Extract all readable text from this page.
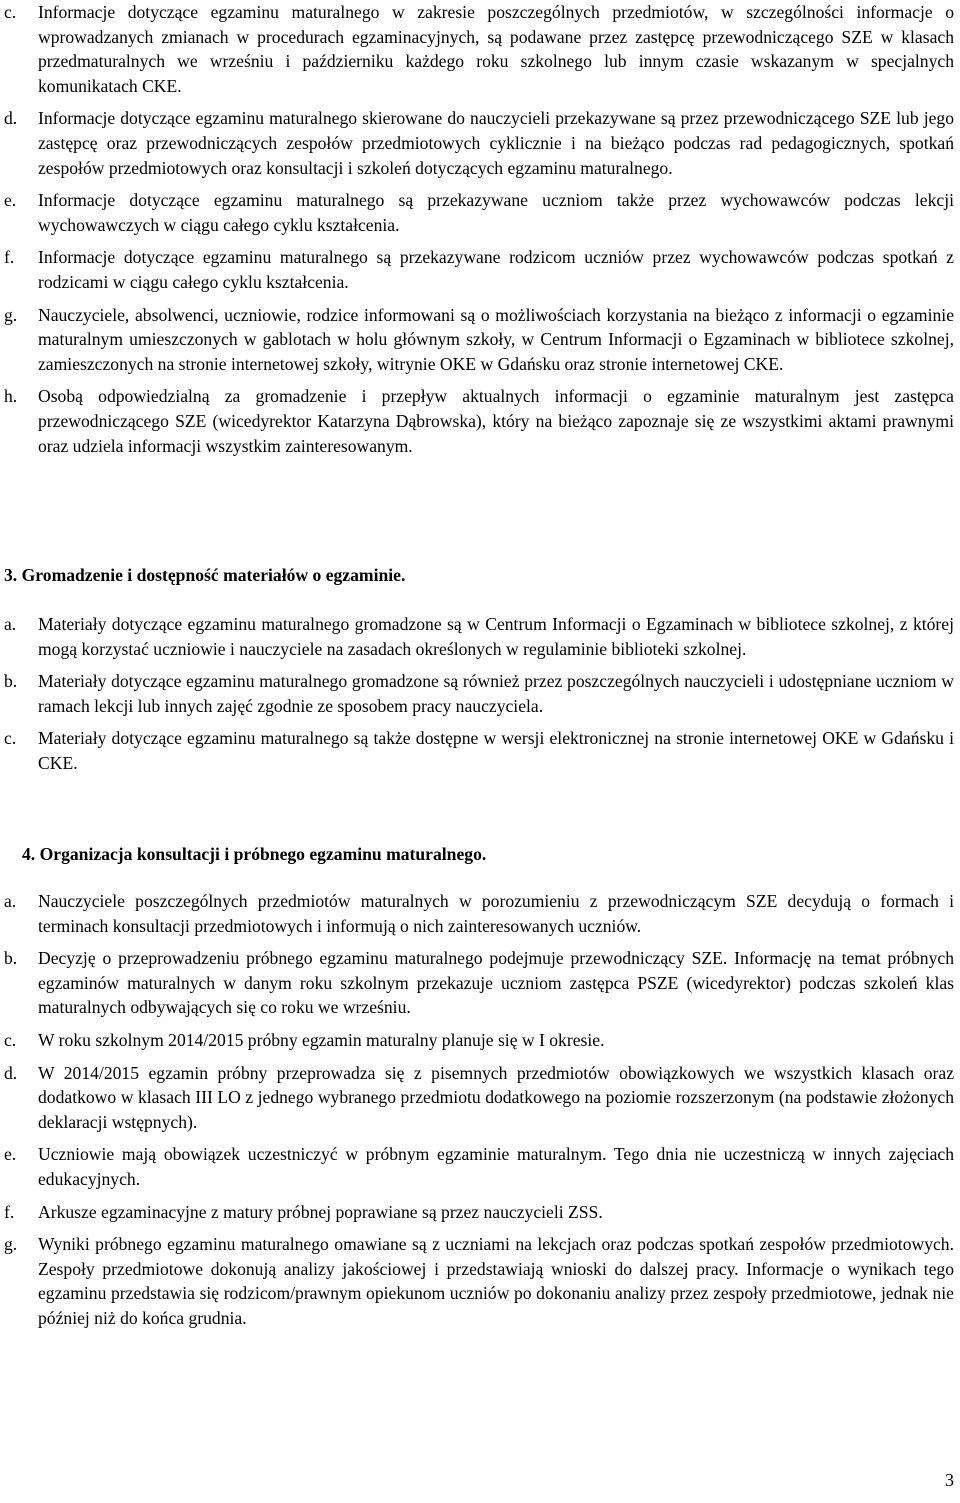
c. Informacje dotyczące egzaminu maturalnego w zakresie poszczególnych przedmiotów, w szczególności informacje o wprowadzanych zmianach w procedurach egzaminacyjnych, są podawane przez zastępcę przewodniczącego SZE w klasach przedmaturalnych we wrześniu i październiku każdego roku szkolnego lub innym czasie wskazanym w specjalnych komunikatach CKE.
d. Informacje dotyczące egzaminu maturalnego skierowane do nauczycieli przekazywane są przez przewodniczącego SZE lub jego zastępcę oraz przewodniczących zespołów przedmiotowych cyklicznie i na bieżąco podczas rad pedagogicznych, spotkań zespołów przedmiotowych oraz konsultacji i szkoleń dotyczących egzaminu maturalnego.
e. Informacje dotyczące egzaminu maturalnego są przekazywane uczniom także przez wychowawców podczas lekcji wychowawczych w ciągu całego cyklu kształcenia.
f. Informacje dotyczące egzaminu maturalnego są przekazywane rodzicom uczniów przez wychowawców podczas spotkań z rodzicami w ciągu całego cyklu kształcenia.
g. Nauczyciele, absolwenci, uczniowie, rodzice informowani są o możliwościach korzystania na bieżąco z informacji o egzaminie maturalnym umieszczonych w gablotach w holu głównym szkoły, w Centrum Informacji o Egzaminach w bibliotece szkolnej, zamieszczonych na stronie internetowej szkoły, witrynie OKE w Gdańsku oraz stronie internetowej CKE.
h. Osobą odpowiedzialną za gromadzenie i przepływ aktualnych informacji o egzaminie maturalnym jest zastępca przewodniczącego SZE (wicedyrektor Katarzyna Dąbrowska), który na bieżąco zapoznaje się ze wszystkimi aktami prawnymi oraz udziela informacji wszystkim zainteresowanym.
3. Gromadzenie i dostępność materiałów o egzaminie.
a. Materiały dotyczące egzaminu maturalnego gromadzone są w Centrum Informacji o Egzaminach w bibliotece szkolnej, z której mogą korzystać uczniowie i nauczyciele na zasadach określonych w regulaminie biblioteki szkolnej.
b. Materiały dotyczące egzaminu maturalnego gromadzone są również przez poszczególnych nauczycieli i udostępniane uczniom w ramach lekcji lub innych zajęć zgodnie ze sposobem pracy nauczyciela.
c. Materiały dotyczące egzaminu maturalnego są także dostępne w wersji elektronicznej na stronie internetowej OKE w Gdańsku i CKE.
4. Organizacja konsultacji i próbnego egzaminu maturalnego.
a. Nauczyciele poszczególnych przedmiotów maturalnych w porozumieniu z przewodniczącym SZE decydują o formach i terminach konsultacji przedmiotowych i informują o nich zainteresowanych uczniów.
b. Decyzję o przeprowadzeniu próbnego egzaminu maturalnego podejmuje przewodniczący SZE. Informację na temat próbnych egzaminów maturalnych w danym roku szkolnym przekazuje uczniom zastępca PSZE (wicedyrektor) podczas szkoleń klas maturalnych odbywających się co roku we wrześniu.
c. W roku szkolnym 2014/2015 próbny egzamin maturalny planuje się w I okresie.
d. W 2014/2015 egzamin próbny przeprowadza się z pisemnych przedmiotów obowiązkowych we wszystkich klasach oraz dodatkowo w klasach III LO z jednego wybranego przedmiotu dodatkowego na poziomie rozszerzonym (na podstawie złożonych deklaracji wstępnych).
e. Uczniowie mają obowiązek uczestniczyć w próbnym egzaminie maturalnym. Tego dnia nie uczestniczą w innych zajęciach edukacyjnych.
f. Arkusze egzaminacyjne z matury próbnej poprawiane są przez nauczycieli ZSS.
g. Wyniki próbnego egzaminu maturalnego omawiane są z uczniami na lekcjach oraz podczas spotkań zespołów przedmiotowych. Zespoły przedmiotowe dokonują analizy jakościowej i przedstawiają wnioski do dalszej pracy. Informacje o wynikach tego egzaminu przedstawia się rodzicom/prawnym opiekunom uczniów po dokonaniu analizy przez zespoły przedmiotowe, jednak nie później niż do końca grudnia.
3
